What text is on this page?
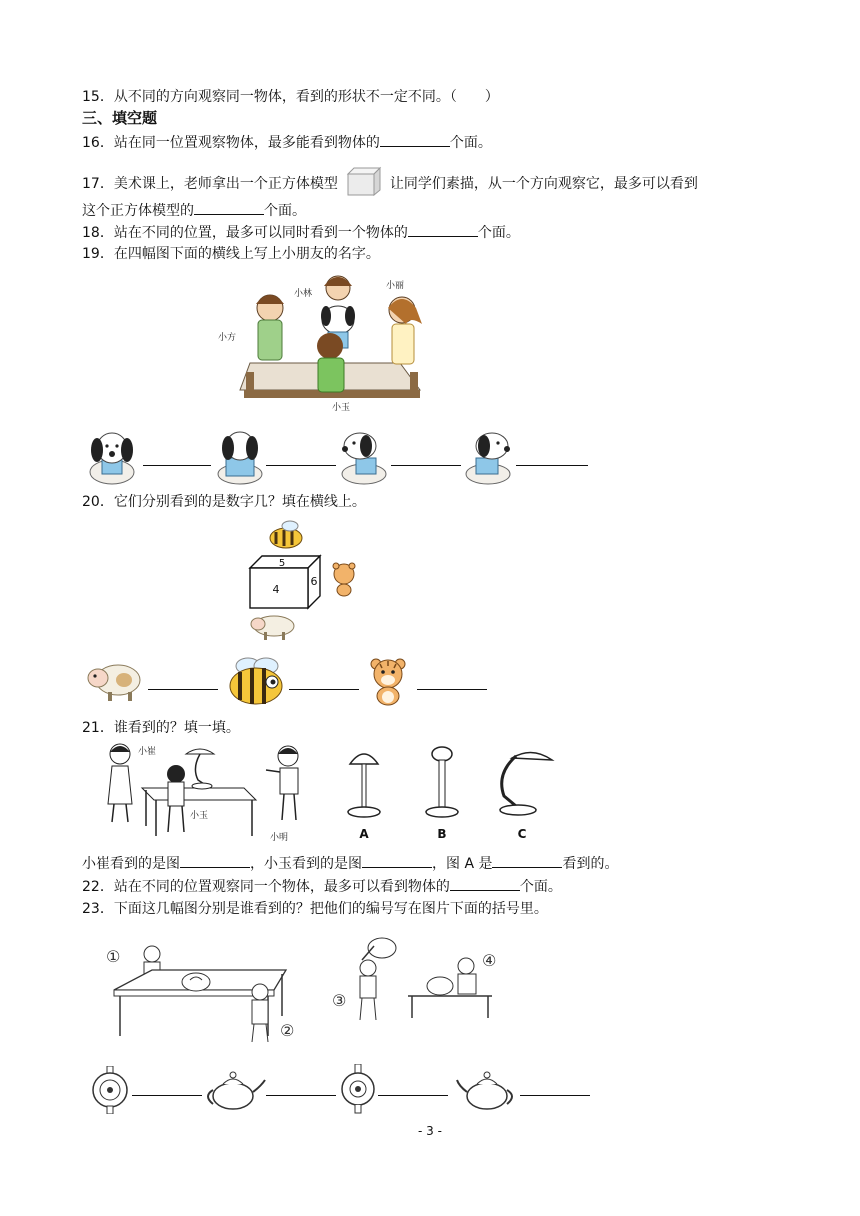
15．从不同的方向观察同一物体，看到的形状不一定不同。（　　）
三、填空题
16．站在同一位置观察物体，最多能看到物体的	个面。
17．美术课上，老师拿出一个正方体模型	让同学们素描，从一个方向观察它，最多可以看到
这个正方体模型的	个面。
18．站在不同的位置，最多可以同时看到一个物体的	个面。
19．在四幅图下面的横线上写上小朋友的名字。
小林
小丽
小方
小玉
20．它们分别看到的是数字几？填在横线上。
5
4
6
21．谁看到的？填一填。
小崔
小玉
小明	A	B	C
小崔看到的是图	，小玉看到的是图	，图 A 是	看到的。
22．站在不同的位置观察同一个物体，最多可以看到物体的	个面。
23．下面这几幅图分别是谁看到的？把他们的编号写在图片下面的括号里。
①
②
③
④
- 3 -
